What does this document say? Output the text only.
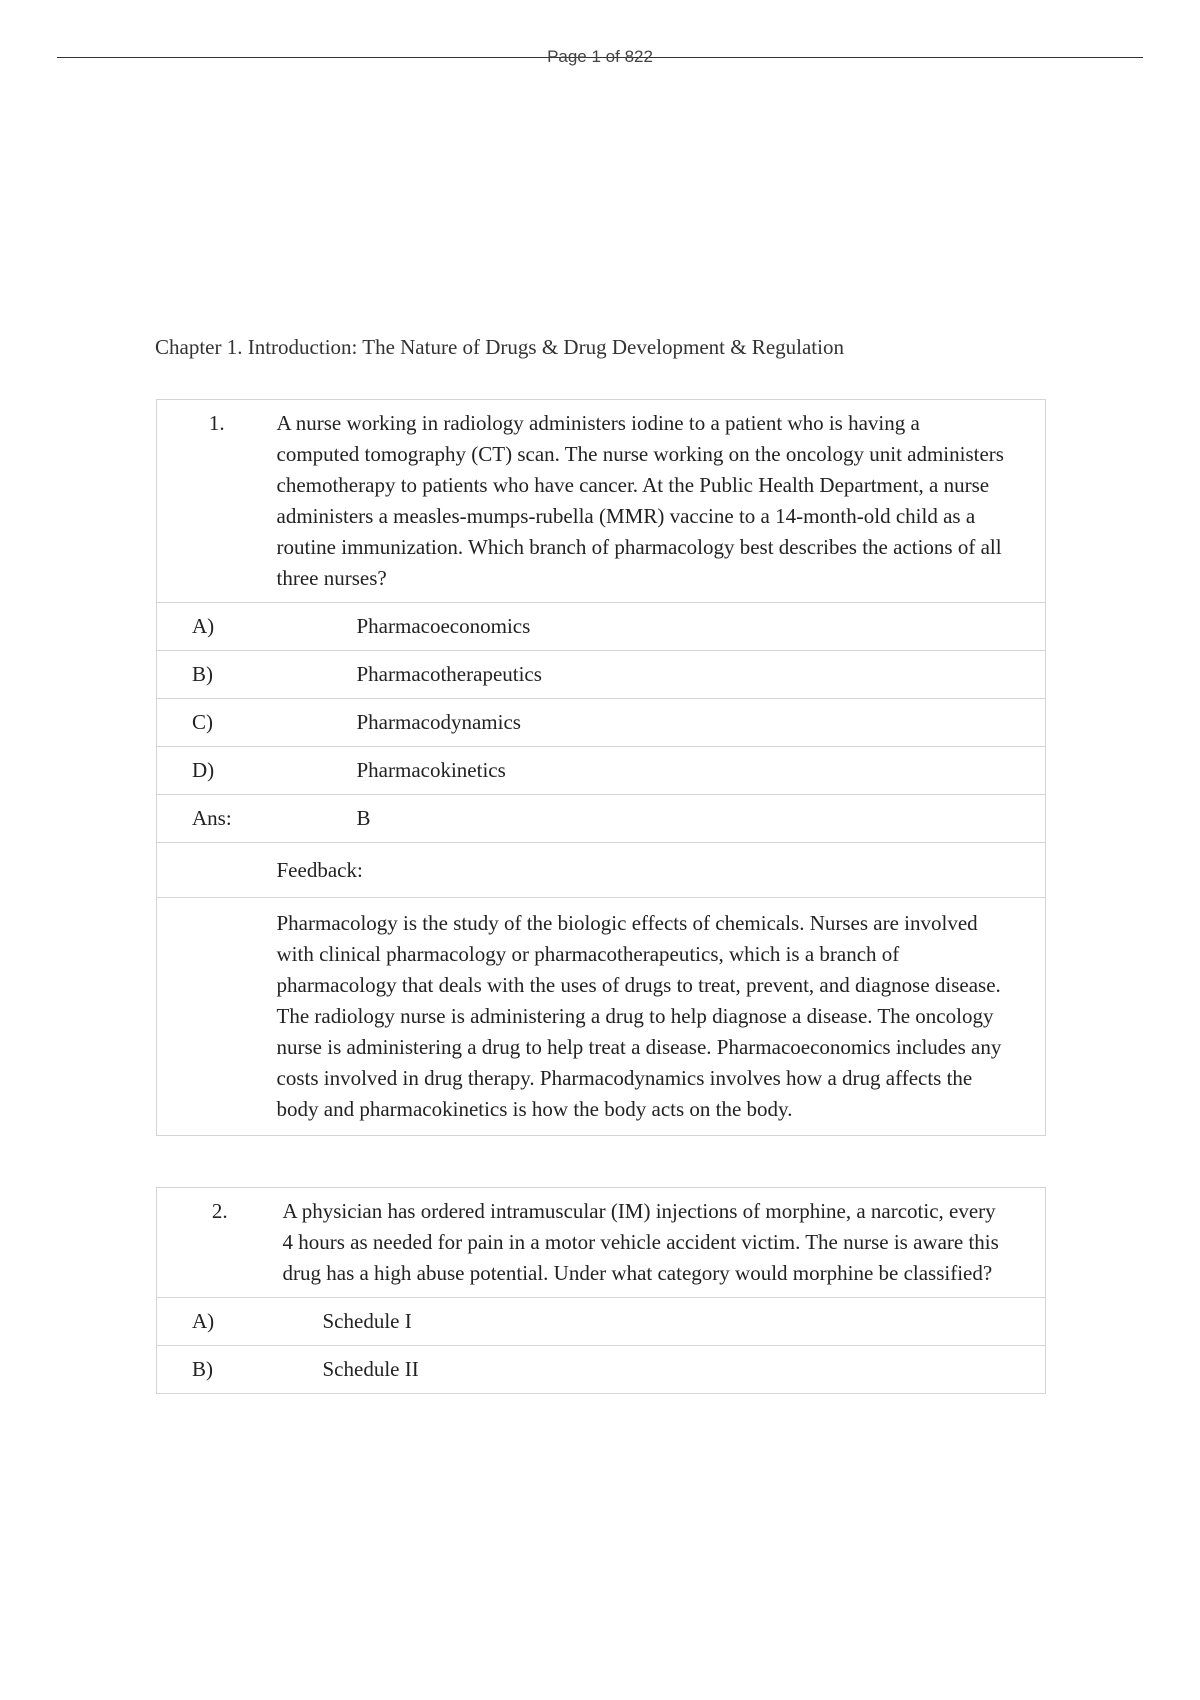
Page 1 of 822
Chapter 1. Introduction: The Nature of Drugs & Drug Development & Regulation
1.	A nurse working in radiology administers iodine to a patient who is having a computed tomography (CT) scan. The nurse working on the oncology unit administers chemotherapy to patients who have cancer. At the Public Health Department, a nurse administers a measles-mumps-rubella (MMR) vaccine to a 14-month-old child as a routine immunization. Which branch of pharmacology best describes the actions of all three nurses?	
A)		Pharmacoeconomics
B)		Pharmacotherapeutics
C)		Pharmacodynamics
D)		Pharmacokinetics
Ans:		B
	Feedback:	
	Pharmacology is the study of the biologic effects of chemicals. Nurses are involved with clinical pharmacology or pharmacotherapeutics, which is a branch of pharmacology that deals with the uses of drugs to treat, prevent, and diagnose disease. The radiology nurse is administering a drug to help diagnose a disease. The oncology nurse is administering a drug to help treat a disease. Pharmacoeconomics includes any costs involved in drug therapy. Pharmacodynamics involves how a drug affects the body and pharmacokinetics is how the body acts on the body.	
2.	A physician has ordered intramuscular (IM) injections of morphine, a narcotic, every 4 hours as needed for pain in a motor vehicle accident victim. The nurse is aware this drug has a high abuse potential. Under what category would morphine be classified?	
A)		Schedule I
B)		Schedule II
